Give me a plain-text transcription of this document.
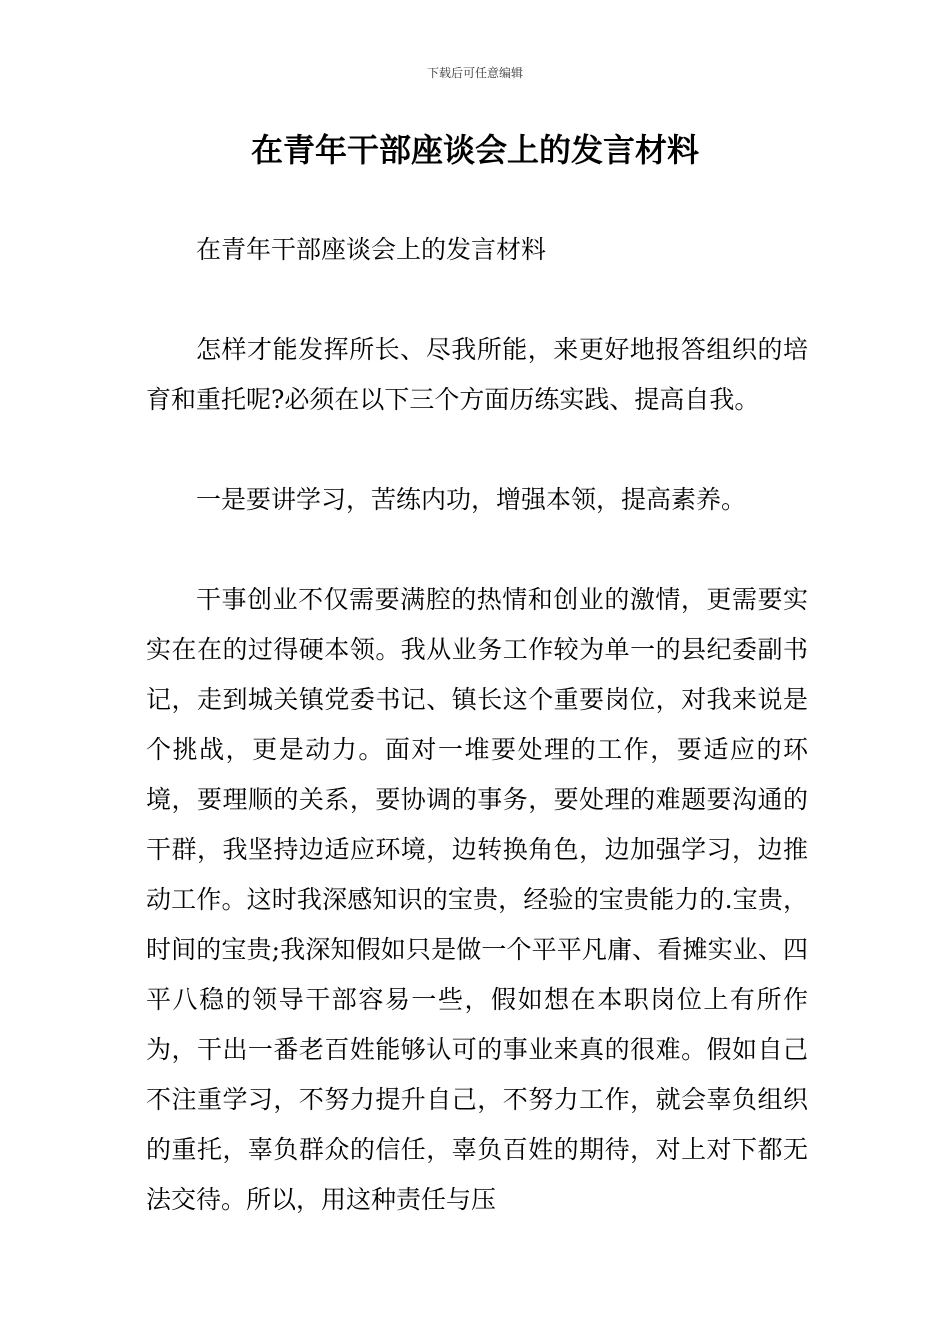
下载后可任意编辑
在青年干部座谈会上的发言材料

在青年干部座谈会上的发言材料

怎样才能发挥所长、尽我所能，来更好地报答组织的培育和重托呢?必须在以下三个方面历练实践、提高自我。

一是要讲学习，苦练内功，增强本领，提高素养。

干事创业不仅需要满腔的热情和创业的激情，更需要实实在在的过得硬本领。我从业务工作较为单一的县纪委副书记，走到城关镇党委书记、镇长这个重要岗位，对我来说是个挑战，更是动力。面对一堆要处理的工作，要适应的环境，要理顺的关系，要协调的事务，要处理的难题要沟通的干群，我坚持边适应环境，边转换角色，边加强学习，边推动工作。这时我深感知识的宝贵，经验的宝贵能力的.宝贵，时间的宝贵;我深知假如只是做一个平平凡庸、看摊实业、四平八稳的领导干部容易一些，假如想在本职岗位上有所作为，干出一番老百姓能够认可的事业来真的很难。假如自己不注重学习，不努力提升自己，不努力工作，就会辜负组织的重托，辜负群众的信任，辜负百姓的期待，对上对下都无法交待。所以，用这种责任与压
